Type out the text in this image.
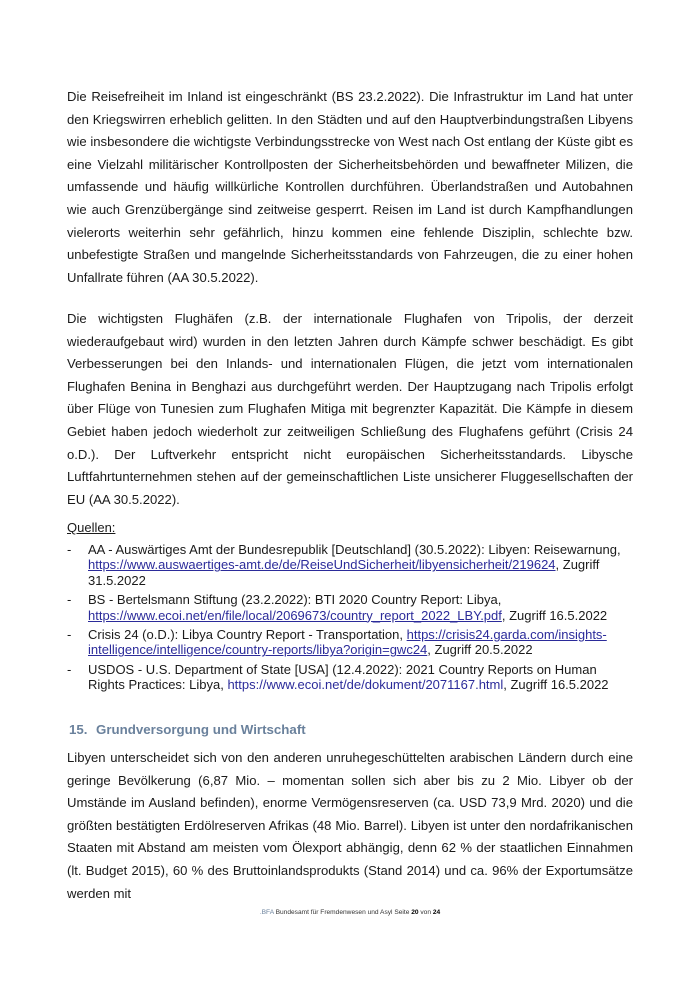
Die Reisefreiheit im Inland ist eingeschränkt (BS 23.2.2022). Die Infrastruktur im Land hat unter den Kriegswirren erheblich gelitten. In den Städten und auf den Hauptverbindungstraßen Libyens wie insbesondere die wichtigste Verbindungsstrecke von West nach Ost entlang der Küste gibt es eine Vielzahl militärischer Kontrollposten der Sicherheitsbehörden und bewaffneter Milizen, die umfassende und häufig willkürliche Kontrollen durchführen. Überlandstraßen und Autobahnen wie auch Grenzübergänge sind zeitweise gesperrt. Reisen im Land ist durch Kampfhandlungen vielerorts weiterhin sehr gefährlich, hinzu kommen eine fehlende Disziplin, schlechte bzw. unbefestigte Straßen und mangelnde Sicherheitsstandards von Fahrzeugen, die zu einer hohen Unfallrate führen (AA 30.5.2022).

Die wichtigsten Flughäfen (z.B. der internationale Flughafen von Tripolis, der derzeit wiederaufgebaut wird) wurden in den letzten Jahren durch Kämpfe schwer beschädigt. Es gibt Verbesserungen bei den Inlands- und internationalen Flügen, die jetzt vom internationalen Flughafen Benina in Benghazi aus durchgeführt werden. Der Hauptzugang nach Tripolis erfolgt über Flüge von Tunesien zum Flughafen Mitiga mit begrenzter Kapazität. Die Kämpfe in diesem Gebiet haben jedoch wiederholt zur zeitweiligen Schließung des Flughafens geführt (Crisis 24 o.D.). Der Luftverkehr entspricht nicht europäischen Sicherheitsstandards. Libysche Luftfahrtunternehmen stehen auf der gemeinschaftlichen Liste unsicherer Fluggesellschaften der EU (AA 30.5.2022).

Quellen:

- AA - Auswärtiges Amt der Bundesrepublik [Deutschland] (30.5.2022): Libyen: Reisewarnung, https://www.auswaertiges-amt.de/de/ReiseUndSicherheit/libyensicherheit/219624, Zugriff 31.5.2022
- BS - Bertelsmann Stiftung (23.2.2022): BTI 2020 Country Report: Libya, https://www.ecoi.net/en/file/local/2069673/country_report_2022_LBY.pdf, Zugriff 16.5.2022
- Crisis 24 (o.D.): Libya Country Report - Transportation, https://crisis24.garda.com/insights-intelligence/intelligence/country-reports/libya?origin=gwc24, Zugriff 20.5.2022
- USDOS - U.S. Department of State [USA] (12.4.2022): 2021 Country Reports on Human Rights Practices: Libya, https://www.ecoi.net/de/dokument/2071167.html, Zugriff 16.5.2022
15. Grundversorgung und Wirtschaft

Libyen unterscheidet sich von den anderen unruhegeschüttelten arabischen Ländern durch eine geringe Bevölkerung (6,87 Mio. – momentan sollen sich aber bis zu 2 Mio. Libyer ob der Umstände im Ausland befinden), enorme Vermögensreserven (ca. USD 73,9 Mrd. 2020) und die größten bestätigten Erdölreserven Afrikas (48 Mio. Barrel). Libyen ist unter den nordafrikanischen Staaten mit Abstand am meisten vom Ölexport abhängig, denn 62 % der staatlichen Einnahmen (lt. Budget 2015), 60 % des Bruttoinlandsprodukts (Stand 2014) und ca. 96% der Exportumsätze werden mit

.BFA Bundesamt für Fremdenwesen und Asyl Seite 20 von 24
